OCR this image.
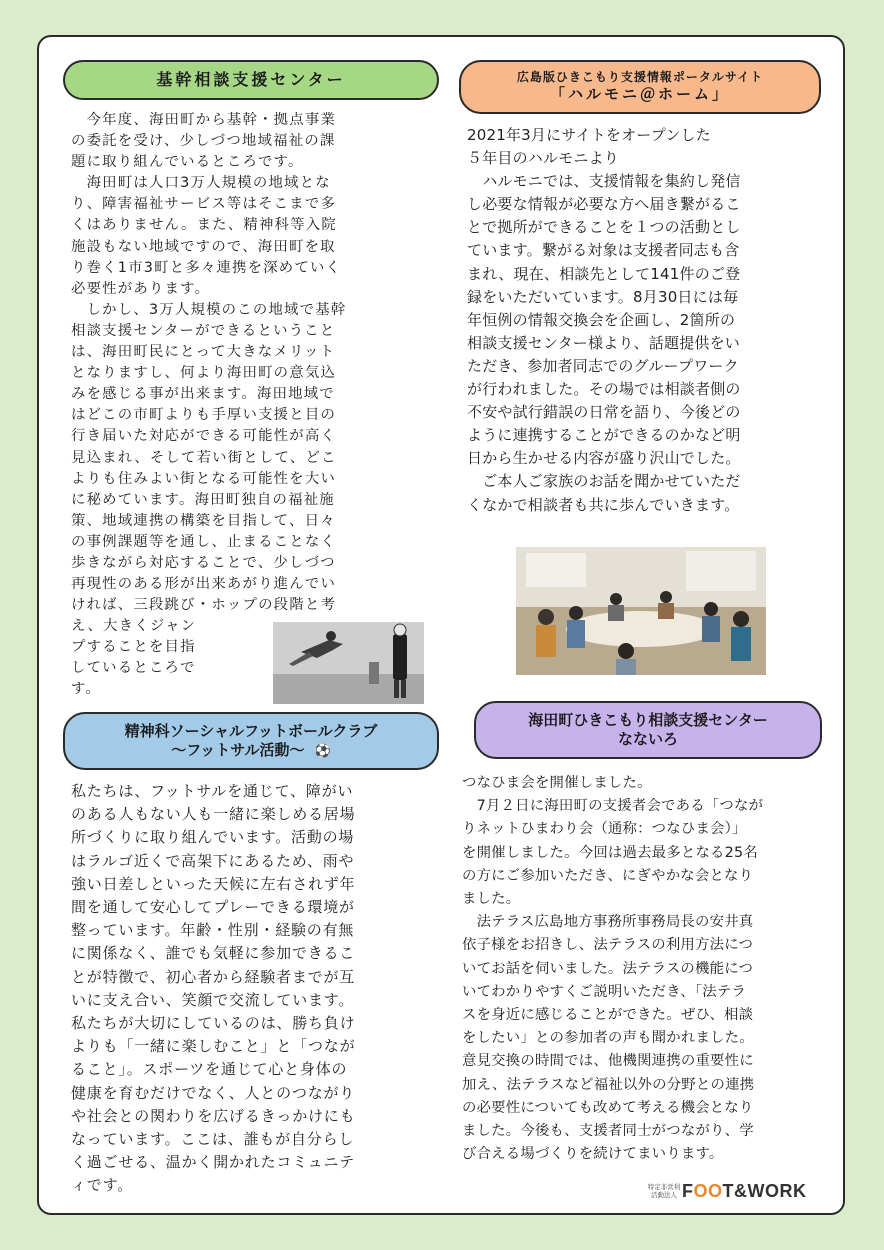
基幹相談支援センター
　今年度、海田町から基幹・拠点事業
の委託を受け、少しづつ地域福祉の課
題に取り組んでいるところです。
　海田町は人口3万人規模の地域とな
り、障害福祉サービス等はそこまで多
くはありません。また、精神科等入院
施設もない地域ですので、海田町を取
り巻く1市3町と多々連携を深めていく
必要性があります。
　しかし、3万人規模のこの地域で基幹
相談支援センターができるということ
は、海田町民にとって大きなメリット
となりますし、何より海田町の意気込
みを感じる事が出来ます。海田地域で
はどこの市町よりも手厚い支援と目の
行き届いた対応ができる可能性が高く
見込まれ、そして若い街として、どこ
よりも住みよい街となる可能性を大い
に秘めています。海田町独自の福祉施
策、地域連携の構築を目指して、日々
の事例課題等を通し、止まることなく
歩きながら対応することで、少しづつ
再現性のある形が出来あがり進んでい
ければ、三段跳び・ホップの段階と考
え、大きくジャン
プすることを目指
しているところで
す。
広島版ひきこもり支援情報ポータルサイト
「ハルモニ＠ホーム」
2021年3月にサイトをオープンした
５年目のハルモニより
　ハルモニでは、支援情報を集約し発信
し必要な情報が必要な方へ届き繋がるこ
とで拠所ができることを１つの活動とし
ています。繋がる対象は支援者同志も含
まれ、現在、相談先として141件のご登
録をいただいています。8月30日には毎
年恒例の情報交換会を企画し、2箇所の
相談支援センター様より、話題提供をい
ただき、参加者同志でのグループワーク
が行われました。その場では相談者側の
不安や試行錯誤の日常を語り、今後どの
ように連携することができるのかなど明
日から生かせる内容が盛り沢山でした。
　ご本人ご家族のお話を聞かせていただ
くなかで相談者も共に歩んでいきます。
精神科ソーシャルフットボールクラブ
～フットサル活動～ ⚽
私たちは、フットサルを通じて、障がい
のある人もない人も一緒に楽しめる居場
所づくりに取り組んでいます。活動の場
はラルゴ近くで高架下にあるため、雨や
強い日差しといった天候に左右されず年
間を通して安心してプレーできる環境が
整っています。年齢・性別・経験の有無
に関係なく、誰でも気軽に参加できるこ
とが特徴で、初心者から経験者までが互
いに支え合い、笑顔で交流しています。
私たちが大切にしているのは、勝ち負け
よりも「一緒に楽しむこと」と「つなが
ること」。スポーツを通じて心と身体の
健康を育むだけでなく、人とのつながり
や社会との関わりを広げるきっかけにも
なっています。ここは、誰もが自分らし
く過ごせる、温かく開かれたコミュニテ
ィです。
海田町ひきこもり相談支援センター
なないろ
つなひま会を開催しました。
　7月２日に海田町の支援者会である「つなが
りネットひまわり会（通称：つなひま会）」
を開催しました。今回は過去最多となる25名
の方にご参加いただき、にぎやかな会となり
ました。
　法テラス広島地方事務所事務局長の安井真
依子様をお招きし、法テラスの利用方法につ
いてお話を伺いました。法テラスの機能につ
いてわかりやすくご説明いただき、「法テラ
スを身近に感じることができた。ぜひ、相談
をしたい」との参加者の声も聞かれました。
意見交換の時間では、他機関連携の重要性に
加え、法テラスなど福祉以外の分野との連携
の必要性についても改めて考える機会となり
ました。今後も、支援者同士がつながり、学
び合える場づくりを続けてまいります。
特定非営利
活動法人 FOOT&WORK
